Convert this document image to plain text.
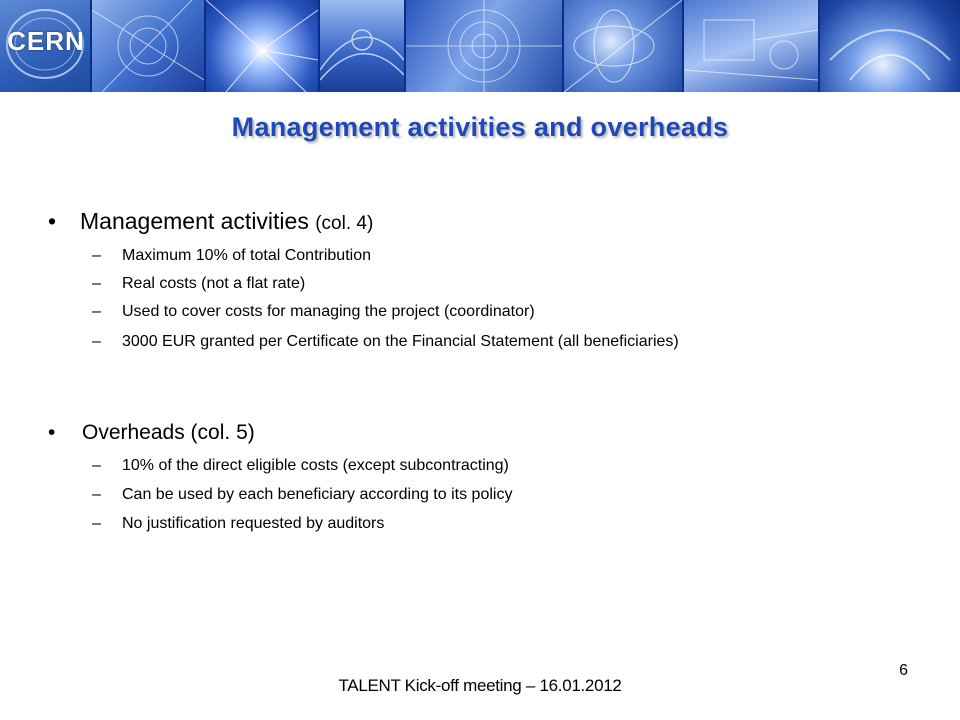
CERN
Management activities and overheads
• Management activities (col. 4)
– Maximum 10% of total Contribution
– Real costs (not a flat rate)
– Used to cover costs for managing the project (coordinator)
– 3000 EUR granted per Certificate on the Financial Statement (all beneficiaries)
• Overheads (col. 5)
– 10% of the direct eligible costs (except subcontracting)
– Can be used by each beneficiary according to its policy
– No justification requested by auditors
TALENT Kick-off meeting – 16.01.2012
6
